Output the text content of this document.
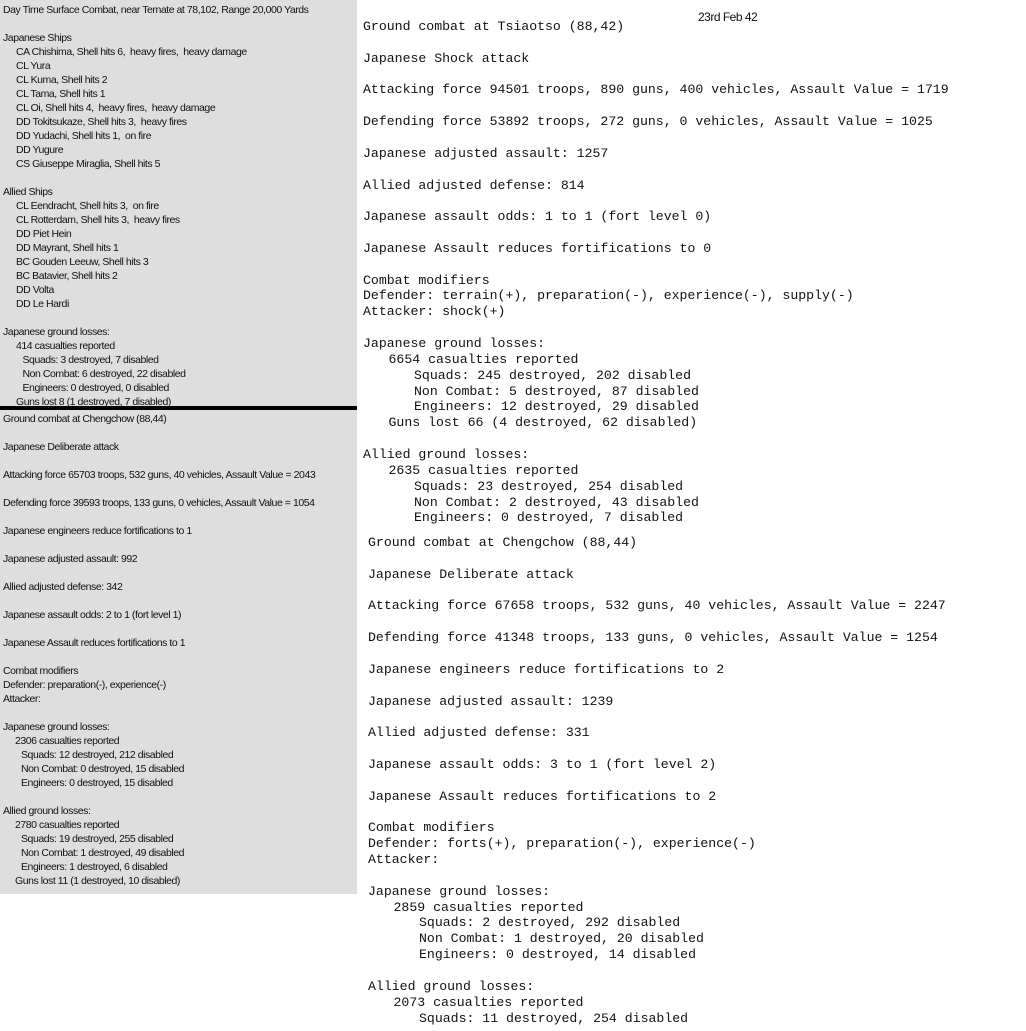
Day Time Surface Combat, near Ternate at 78,102, Range 20,000 Yards
Japanese Ships
CA Chishima, Shell hits 6,  heavy fires,  heavy damage
CL Yura
CL Kuma, Shell hits 2
CL Tama, Shell hits 1
CL Oi, Shell hits 4,  heavy fires,  heavy damage
DD Tokitsukaze, Shell hits 3,  heavy fires
DD Yudachi, Shell hits 1,  on fire
DD Yugure
CS Giuseppe Miraglia, Shell hits 5
Allied Ships
CL Eendracht, Shell hits 3,  on fire
CL Rotterdam, Shell hits 3,  heavy fires
DD Piet Hein
DD Mayrant, Shell hits 1
BC Gouden Leeuw, Shell hits 3
BC Batavier, Shell hits 2
DD Volta
DD Le Hardi
Japanese ground losses:
414 casualties reported
Squads: 3 destroyed, 7 disabled
Non Combat: 6 destroyed, 22 disabled
Engineers: 0 destroyed, 0 disabled
Guns lost 8 (1 destroyed, 7 disabled)
Ground combat at Chengchow (88,44)
Japanese Deliberate attack
Attacking force 65703 troops, 532 guns, 40 vehicles, Assault Value = 2043
Defending force 39593 troops, 133 guns, 0 vehicles, Assault Value = 1054
Japanese engineers reduce fortifications to 1
Japanese adjusted assault: 992
Allied adjusted defense: 342
Japanese assault odds: 2 to 1 (fort level 1)
Japanese Assault reduces fortifications to 1
Combat modifiers
Defender: preparation(-), experience(-)
Attacker:
Japanese ground losses:
2306 casualties reported
Squads: 12 destroyed, 212 disabled
Non Combat: 0 destroyed, 15 disabled
Engineers: 0 destroyed, 15 disabled
Allied ground losses:
2780 casualties reported
Squads: 19 destroyed, 255 disabled
Non Combat: 1 destroyed, 49 disabled
Engineers: 1 destroyed, 6 disabled
Guns lost 11 (1 destroyed, 10 disabled)
23rd Feb 42
Ground combat at Tsiaotso (88,42)
Japanese Shock attack
Attacking force 94501 troops, 890 guns, 400 vehicles, Assault Value = 1719
Defending force 53892 troops, 272 guns, 0 vehicles, Assault Value = 1025
Japanese adjusted assault: 1257
Allied adjusted defense: 814
Japanese assault odds: 1 to 1 (fort level 0)
Japanese Assault reduces fortifications to 0
Combat modifiers
Defender: terrain(+), preparation(-), experience(-), supply(-)
Attacker: shock(+)
Japanese ground losses:
6654 casualties reported
Squads: 245 destroyed, 202 disabled
Non Combat: 5 destroyed, 87 disabled
Engineers: 12 destroyed, 29 disabled
Guns lost 66 (4 destroyed, 62 disabled)
Allied ground losses:
2635 casualties reported
Squads: 23 destroyed, 254 disabled
Non Combat: 2 destroyed, 43 disabled
Engineers: 0 destroyed, 7 disabled
Ground combat at Chengchow (88,44)
Japanese Deliberate attack
Attacking force 67658 troops, 532 guns, 40 vehicles, Assault Value = 2247
Defending force 41348 troops, 133 guns, 0 vehicles, Assault Value = 1254
Japanese engineers reduce fortifications to 2
Japanese adjusted assault: 1239
Allied adjusted defense: 331
Japanese assault odds: 3 to 1 (fort level 2)
Japanese Assault reduces fortifications to 2
Combat modifiers
Defender: forts(+), preparation(-), experience(-)
Attacker:
Japanese ground losses:
2859 casualties reported
Squads: 2 destroyed, 292 disabled
Non Combat: 1 destroyed, 20 disabled
Engineers: 0 destroyed, 14 disabled
Allied ground losses:
2073 casualties reported
Squads: 11 destroyed, 254 disabled
